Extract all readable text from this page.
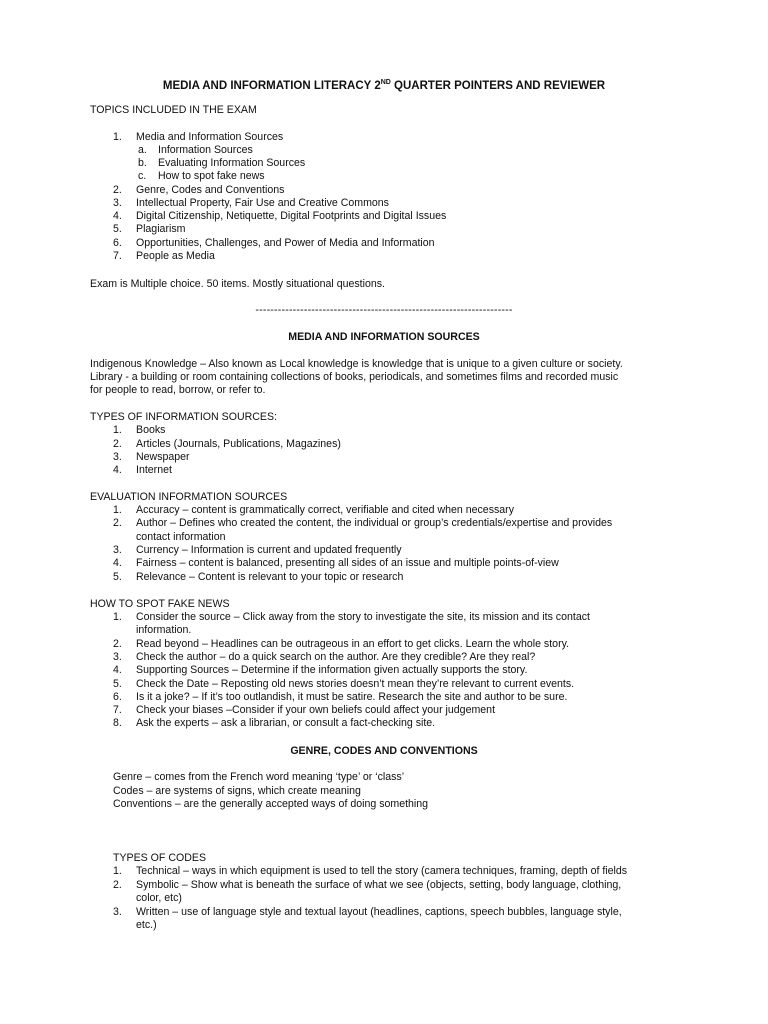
MEDIA AND INFORMATION LITERACY 2ND QUARTER POINTERS AND REVIEWER
TOPICS INCLUDED IN THE EXAM
1. Media and Information Sources
a. Information Sources
b. Evaluating Information Sources
c. How to spot fake news
2. Genre, Codes and Conventions
3. Intellectual Property, Fair Use and Creative Commons
4. Digital Citizenship, Netiquette, Digital Footprints and Digital Issues
5. Plagiarism
6. Opportunities, Challenges, and Power of Media and Information
7. People as Media
Exam is Multiple choice. 50 items. Mostly situational questions.
---------------------------------------------------------------------
MEDIA AND INFORMATION SOURCES
Indigenous Knowledge – Also known as Local knowledge is knowledge that is unique to a given culture or society.
Library - a building or room containing collections of books, periodicals, and sometimes films and recorded music
for people to read, borrow, or refer to.
TYPES OF INFORMATION SOURCES:
1. Books
2. Articles (Journals, Publications, Magazines)
3. Newspaper
4. Internet
EVALUATION INFORMATION SOURCES
1. Accuracy – content is grammatically correct, verifiable and cited when necessary
2. Author – Defines who created the content, the individual or group’s credentials/expertise and provides
contact information
3. Currency – Information is current and updated frequently
4. Fairness – content is balanced, presenting all sides of an issue and multiple points-of-view
5. Relevance – Content is relevant to your topic or research
HOW TO SPOT FAKE NEWS
1. Consider the source – Click away from the story to investigate the site, its mission and its contact
information.
2. Read beyond – Headlines can be outrageous in an effort to get clicks. Learn the whole story.
3. Check the author – do a quick search on the author. Are they credible? Are they real?
4. Supporting Sources – Determine if the information given actually supports the story.
5. Check the Date – Reposting old news stories doesn’t mean they’re relevant to current events.
6. Is it a joke? – If it’s too outlandish, it must be satire. Research the site and author to be sure.
7. Check your biases –Consider if your own beliefs could affect your judgement
8. Ask the experts – ask a librarian, or consult a fact-checking site.
GENRE, CODES AND CONVENTIONS
Genre – comes from the French word meaning ‘type’ or ‘class’
Codes – are systems of signs, which create meaning
Conventions – are the generally accepted ways of doing something
TYPES OF CODES
1. Technical – ways in which equipment is used to tell the story (camera techniques, framing, depth of fields
2. Symbolic – Show what is beneath the surface of what we see (objects, setting, body language, clothing,
color, etc)
3. Written – use of language style and textual layout (headlines, captions, speech bubbles, language style,
etc.)
